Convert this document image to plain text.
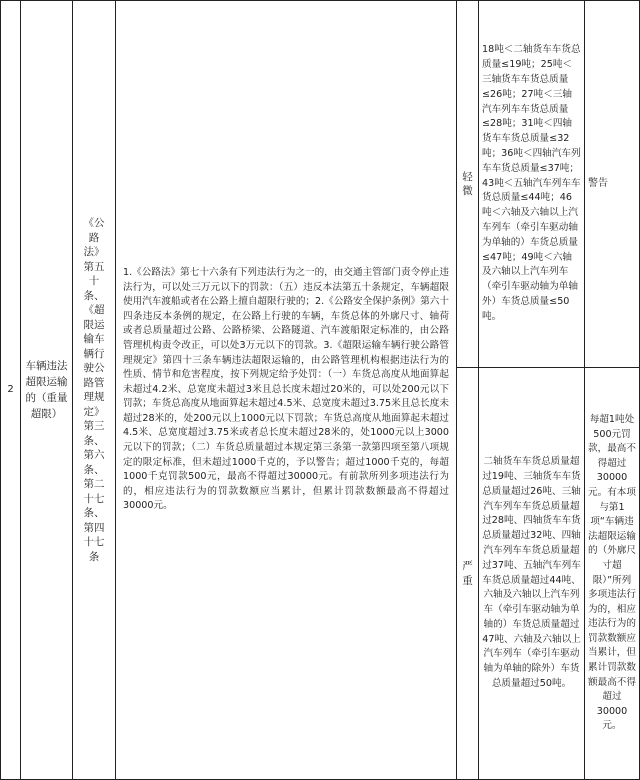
2
车辆违法超限运输的（重量超限）
《公
路
法》
第五
十
条、
《超
限运
输车
辆行
驶公
路管
理规
定》
第三
条、
第六
条、
第二
十七
条、
第四
十七
条
1.《公路法》第七十六条有下列违法行为之一的，由交通主管部门责令停止违法行为，可以处三万元以下的罚款：（五）违反本法第五十条规定，车辆超限使用汽车渡船或者在公路上擅自超限行驶的；2.《公路安全保护条例》第六十四条违反本条例的规定，在公路上行驶的车辆，车货总体的外廓尺寸、轴荷或者总质量超过公路、公路桥梁、公路隧道、汽车渡船限定标准的，由公路管理机构责令改正，可以处3万元以下的罚款。3.《超限运输车辆行驶公路管理规定》第四十三条车辆违法超限运输的，由公路管理机构根据违法行为的性质、情节和危害程度，按下列规定给予处罚：（一）车货总高度从地面算起未超过4.2米、总宽度未超过3米且总长度未超过20米的，可以处200元以下罚款；车货总高度从地面算起未超过4.5米、总宽度未超过3.75米且总长度未超过28米的，处200元以上1000元以下罚款；车货总高度从地面算起未超过4.5米、总宽度超过3.75米或者总长度未超过28米的，处1000元以上3000元以下的罚款；（二）车货总质量超过本规定第三条第一款第四项至第八项规定的限定标准，但未超过1000千克的，予以警告；超过1000千克的，每超1000千克罚款500元，最高不得超过30000元。有前款所列多项违法行为的，相应违法行为的罚款数额应当累计，但累计罚款数额最高不得超过30000元。
轻
微
18吨＜二轴货车车货总质量≤19吨；25吨＜三轴货车车货总质量≤26吨；27吨＜三轴汽车列车车货总质量≤28吨；31吨＜四轴货车车货总质量≤32吨；36吨＜四轴汽车列车车货总质量≤37吨；43吨＜五轴汽车列车车货总质量≤44吨；46吨＜六轴及六轴以上汽车列车（牵引车驱动轴为单轴的）车货总质量≤47吨；49吨＜六轴及六轴以上汽车列车（牵引车驱动轴为单轴外）车货总质量≤50吨。
警告
严
重
二轴货车车货总质量超过19吨、三轴货车车货总质量超过26吨、三轴汽车列车车货总质量超过28吨、四轴货车车货总质量超过32吨、四轴汽车列车车货总质量超过37吨、五轴汽车列车车货总质量超过44吨、六轴及六轴以上汽车列车（牵引车驱动轴为单轴的）车货总质量超过47吨、六轴及六轴以上汽车列车（牵引车驱动轴为单轴的除外）车货总质量超过50吨。
每超1吨处500元罚款，最高不得超过30000元。有本项与第1项“车辆违法超限运输的（外廓尺寸超限）”所列多项违法行为的，相应违法行为的罚款数额应当累计，但累计罚款数额最高不得超过30000元。
